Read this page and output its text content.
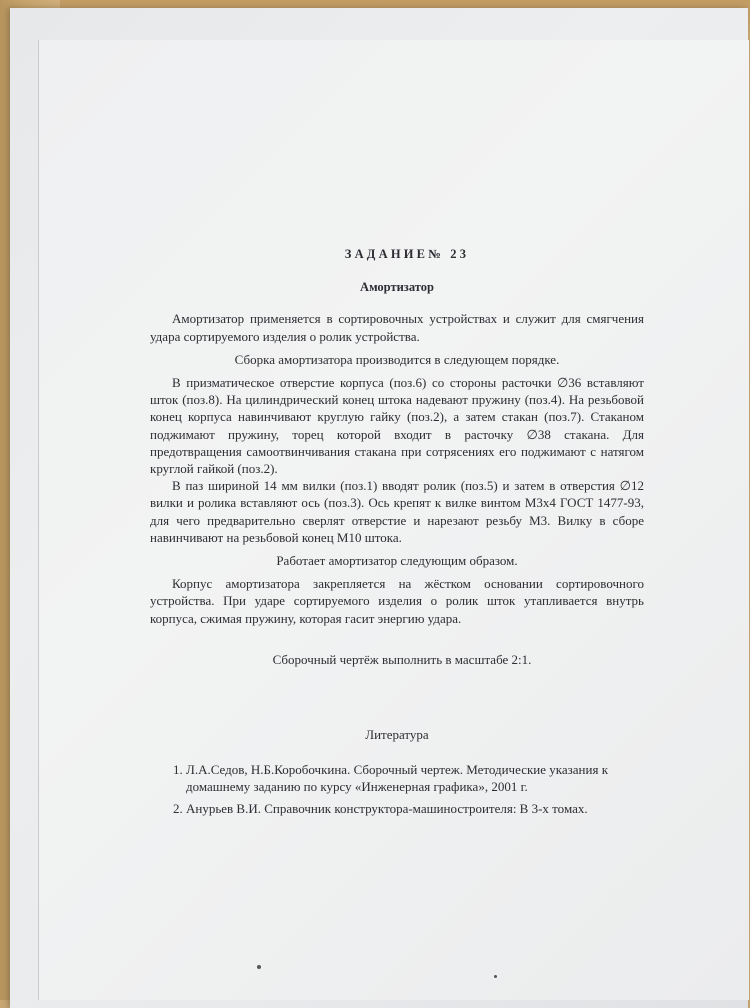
ЗАДАНИЕ№ 23
Амортизатор

Амортизатор применяется в сортировочных устройствах и служит для смягчения удара сортируемого изделия о ролик устройства.

Сборка амортизатора производится в следующем порядке.

В призматическое отверстие корпуса (поз.6) со стороны расточки ∅36 вставляют шток (поз.8). На цилиндрический конец штока надевают пружину (поз.4). На резьбовой конец корпуса навинчивают круглую гайку (поз.2), а затем стакан (поз.7). Стаканом поджимают пружину, торец которой входит в расточку ∅38 стакана. Для предотвращения самоотвинчивания стакана при сотрясениях его поджимают с натягом круглой гайкой (поз.2).

В паз шириной 14 мм вилки (поз.1) вводят ролик (поз.5) и затем в отверстия ∅12 вилки и ролика вставляют ось (поз.3). Ось крепят к вилке винтом М3х4 ГОСТ 1477-93, для чего предварительно сверлят отверстие и нарезают резьбу М3. Вилку в сборе навинчивают на резьбовой конец М10 штока.

Работает амортизатор следующим образом.

Корпус амортизатора закрепляется на жёстком основании сортировочного устройства. При ударе сортируемого изделия о ролик шток утапливается внутрь корпуса, сжимая пружину, которая гасит энергию удара.

Сборочный чертёж выполнить в масштабе 2:1.
Литература
1. Л.А.Седов, Н.Б.Коробочкина. Сборочный чертеж. Методические указания к домашнему заданию по курсу «Инженерная графика», 2001 г.
2. Анурьев В.И. Справочник конструктора-машиностроителя: В 3-х томах.
